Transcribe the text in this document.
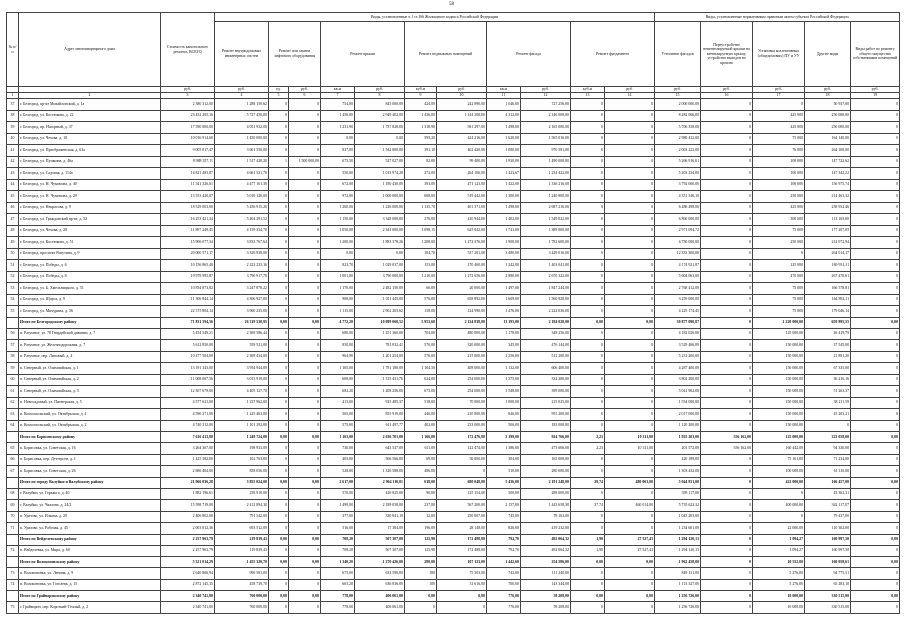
58
№ п/п	Адрес многоквартирного дома	Стоимость капитального ремонта, ВСЕГО	Виды, установленные ч.1 ст.166 Жилищного кодекса Российской Федерации											Виды, установленные нормативным правовым актом субъекта Российской Федерации				
			Ремонт внутридомовых инженерных систем	Ремонт или замена лифтового оборудования		Ремонт крыши		Ремонт подвальных помещений		Ремонт фасада		Ремонт фундамента		Утепление фасадов	Переустройство невентилируемой крыши на вентилируемую крышу, устройство выходов на кровлю	Установка коллективных (общедомовых) ПУ и УУ	Другие виды	Виды работ по ремонту общего имущества собственников помещений

		руб.	руб.	ед.	руб.	кв.м	руб.	куб.м	руб.	кв.м	руб.	куб.м	руб.	руб.	руб.	руб.	руб.	руб.
1	2	3	4	5	6	7	8	9	10	11	12	13	14	15	16	17	18	19
37	г. Белгород, пр-кт Михайловский, д. 1а	2 380 312,00	1 288 150,62	0	0	754,00	845 000,00	424,00	242 890,00	1 046,00	727 256,00	0	0	2 000 000,00	0	0	50 937,00	0
38	г. Белгород, ул. Костюкова, д. 22	23 452 205,16	5 727 450,00	0	0	1 456,00	2 949 402,00	1 436,00	1 144 308,00	4 312,00	2 146 000,00	0	0	8 282 066,00	0	425 000	250 000,00	0
39	г. Белгород, пр. Нагорный, д. 37	17 590 000,00	4 051 932,00	0	0	1 231,90	1 737 820,00	1 318,90	581 297,00	1 498,00	2 165 000,00	0	0	5 706 358,00	0	425 000	250 000,00	0
40	г. Белгород, ул. Чехова, д. 10	10 016 914,60	1 450 000,00	0	0	0,00	0,00	595,20	424 216,00	1 620,00	1 565 016,00	0	0	2 980 412,00	0	75 000	164 140,00	0
41	г. Белгород, ул. Преображенская, д. 63а	9 005 017,47	3 601 550,00	0	0	837,00	1 542 800,00	391,10	402 420,00	1 080,00	970 581,00	0	0	2 003 222,00	0	76 000	264 100,00	0
42	г. Белгород, ул. Пушкина, д. 46а	8 988 357,11	1 517 420,20	1	1 500 000,00	675,50	527 027,00	82,00	99 400,00	1 930,00	1 490 000,00	0	0	5 266 916,61	0	100 000	147 722,62	0
43	г. Белгород, ул. Садовая, д. 114а	14 821 483,87	4 661 521,70	0	0	550,00	1 015 974,28	272,00	264 106,00	1 423,67	1 234 422,00	0	0	5 203 234,00	0	100 000	147 342,22	0
44	г. Белгород, ул. Н. Чумичова, д. 40	11 541 326,61	4 477 101,30	0	0	672,00	1 180 430,00	393,00	471 123,00	1 422,00	1 336 216,00	0	0	3 792 000,00	0	100 000	156 975,74	0
45	г. Белгород, ул. Н. Чумичова, д. 29	13 553 420,07	5 010 120,00	0	0	972,00	1 000 000,00	608,00	519 442,00	1 300,00	1 240 800,00	0	0	4 351 546,10	0	250 000	214 463,32	0
46	г. Белгород, ул. Некрасова, д. 9	18 529 003,00	5 456 915,20	0	0	1 260,00	1 226 000,00	1 135,70	401 371,00	1 498,00	2 687 216,00	0	0	6 486 498,00	0	425 000	258 952,46	0
47	г. Белгород, ул. Гражданский пр-кт, д. 52	16 253 421,34	5 404 291,52	0	0	1 150,00	3 348 000,00	276,00	410 944,00	1 402,00	1 549 022,00	0	0	6 860 000,00	0	300 000	113 165,00	0
48	г. Белгород, ул. Чехова, д. 28	11 897 249,45	4 159 334,70	0	0	1 050,00	2 341 000,00	1 098,15	625 042,00	1 741,00	1 389 000,00	0	0	2 971 094,72	0	75 000	177 207,05	0
49	г. Белгород, ул. Костюкова, д. 51	15 906 077,34	3 833 767,64	0	0	1 200,00	1 883 378,26	1 208,00	1 272 376,00	1 900,00	1 782 600,00	0	0	4 750 000,00	0	250 000	214 072,94	0
50	г. Белгород, проспект Ватутина, д. 9	20 000 571,17	3 326 938,00	0	0	0,00	0,00	184,70	537 261,00	3 480,00	3 429 016,00	0	0	12 333 300,00	0	0	264 014,17	0
51	г. Белгород, ул. Победы, д. 6	10 156 865,40	2 223 233,16	0	0	823,70	1 029 037,00	153,00	170 460,00	1 242,00	1 403 041,00	0	0	4 174 921,87	0	125 000	169 931,11	0
52	г. Белгород, ул. Победы, д. 8	19 978 995,87	3 790 917,70	0	0	1 001,00	3 790 000,00	1 210,00	1 272 656,00	2 880,00	2 670 322,00	0	0	5 604 063,00	0	470 000	267 470,61	0
53	г. Белгород, ул. Б. Хмельницкого, д. 51	10 854 873,82	3 247 870,22	0	0	1 170,00	2 482 150,00	60,00	20 000,00	1 497,00	1 847 244,00	0	0	2 768 412,00	0	75 000	166 578,81	0
54	г. Белгород, ул. Щорса, д. 9	11 306 844,14	4 306 927,00	0	0	900,00	1 011 445,00	576,00	658 892,00	1 609,00	1 560 928,00	0	0	3 259 000,00	0	75 000	164 892,11	0
55	г. Белгород, ул. Мичурина, д. 56	22 575 804,14	3 960 235,00	0	0	1 115,00	2 902 203,62	158,00	124 990,00	1 476,00	2 222 036,00	0	0	4 225 174,45	0	75 000	179 046,14	0
	Итого по Белгородскому району	71 831 594,56	26 319 530,95	0,00	0,00	4 772,20	10 099 060,52	5 953,60	2 124 838,00	13 195,00	2 184 028,00	0,00	0,00	30 877 090,87	0	1 220 000,00	659 895,55	0,00
56	п. Разумное, ул. 78 Гвардейской дивизии, д. 7	5 454 549,21	2 369 586,44	0	0	680,00	1 251 360,00	704,00	480 000,00	1 178,00	348 256,00	0	0	4 182 026,00	0	125 000,00	26 419,79	0
57	п. Разумное, ул. Железнодорожная, д. 7	5 612 850,00	559 521,00	0	0	850,00	781 832,41	570,00	320 000,00	345,00	476 144,00	0	0	3 529 466,09	0	150 000,00	37 545,00	0
58	п. Разумное, пер. Липовый, д. 4	10 477 504,00	2 369 434,00	0	0	964,90	1 201 254,00	576,00	215 000,00	2 256,00	512 200,00	0	0	5 231 200,00	0	150 000,00	21 891,20	0
59	п. Северный, ул. Олимпийская, д. 1	13 191 343,00	3 954 944,00	0	0	1 165,00	1 781 180,00	1 104,50	408 000,00	3 132,00	606 400,00	0	0	4 287 400,00	0	150 000,00	67 335,00	0
60	п. Северный, ул. Олимпийская, д. 2	11 008 067,56	3 015 919,00	0	0	600,00	1 315 431,76	624,00	254 000,00	1 575,00	334 280,00	0	0	3 802 200,00	0	150 000,00	36 216,16	0
61	п. Северный, ул. Олимпийская, д. 3	12 307 679,00	4 405 127,70	0	0	682,20	1 208 256,00	675,00	254 000,00	1 548,00	399 000,00	0	0	5 041 902,00	0	150 000,00	51 263,37	0
62	п. Новосадовый, ул. Пионерская, д. 5	4 577 621,00	1 237 962,00	0	0	413,00	925 485,37	518,00	70 000,00	1 000,00	215 025,00	0	0	1 554 000,00	0	150 000,00	38 211,59	0
63	п. Комсомольский, ул. Октябрьская, д. 4	4 590 271,00	1 225 463,00	0	0	565,00	855 919,00	446,00	210 000,00	846,00	955 200,00	0	0	2 017 000,00	0	150 000,00	45 203,21	0
64	п. Комсомольский, ул. Октябрьская, д. 2	4 740 312,00	1 101 292,00	0	0	575,00	611 497,77	402,00	233 000,00	506,00	183 000,00	0	0	1 120 200,00	0	150 000,00	0	0
	Итого по Борисовскому району	7 616 413,00	1 249 724,00	0,00	0,00	1 163,00	2 636 701,00	1 166,00	172 476,00	2 199,00	924 766,00	2,23	10 311,00	1 925 203,00	556 162,00	125 000,00	323 058,00	0,00
65	п. Борисовка, ул. Советская, д. 16	3 264 367,00	198 933,00	0	0	730,00	643 537,00	611,00	122 474,00	1 386,00	473 606,00	2,23	10 311,00	201 572,00	556 162,00	160 442,00	94 330,00	0
66	п. Борисовка, пер. Деттерсен, д. 1	1 425 582,00	102 763,00	0	0	405,00	566 566,00	69,00	50 000,00	304,00	165 000,00	0	0	420 189,00	0	75 161,00	71 234,00	0
67	п. Борисовка, ул. Советская, д. 26	2 686 404,00	858 056,00	0	0	528,00	1 326 588,00	486,00	0	510,00	280 000,00	0	0	1 303 432,00	0	100 000,00	61 110,00	0
	Итого по городу Валуйки и Валуйскому району	21 966 036,28	3 855 024,00	0,00	0,00	2 617,00	2 964 110,01	618,00	680 048,00	5 436,00	2 191 248,00	29,74	480 063,00	5 044 831,00	0	422 000,00	166 457,00	0,00
68	г. Валуйки, ул. Горького, д. 40	1 882 196,61	258 910,00	0	0	570,00	426 825,00	90,00	125 154,00	500,00	288 000,00	0	0	395 117,00	0	0	45 362,31	0
69	г. Валуйки, ул. Чкалова, д. 24/2	15 598 719,00	2 412 894,30	0	0	1 499,00	2 189 058,00	237,00	567 200,00	2 157,00	1 443 658,38	37,74	460 014,00	5 735 622,32	0	400 000,00	342 117,07	0
70	п. Уразово, ул. Ильича, д. 29	2 406 802,00	791 542,00	0	0	377,00	330 841,19	12,00	250 007,00	745,00	78 163,00	0	0	1 045 203,00	0	0	79 437,00	0
71	п. Уразово, ул. Рабочая, д. 45	2 003 812,36	693 512,00	0	0	516,00	17 384,00	196,00	28 148,00	826,00	419 232,00	0	0	1 234 601,00	0	22 000,00	110 302,00	0
	Итого по Вейделевскому району	2 257 963,79	219 839,43	0,00	0,00	708,20	507 307,00	125,90	172 488,00	792,70	492 064,32	1,90	27 527,43	1 294 120,13	0	1 094,27	160 997,50	0,00
72	п. Вейделевка, ул. Мира, д. 60	2 257 963,79	119 839,43	0	0	708,20	507 307,00	125,90	172 488,00	792,70	492 064,32	1,90	27 527,43	1 294 120,13	0	1 094,27	160 997,50	0
	Итого по Волоконовскому району	5 521 014,29	1 455 320,70	0,00	0,00	1 340,20	1 270 426,00	280,00	107 123,00	1 442,60	254 586,00	0,00	0,00	1 962 458,00	0	10 552,00	160 058,61	0,00
73	п. Волоконовка, ул. Ленина, д. 9	2 640 866,94	996 581,00	0	0	675,00	633 590,00	180	75 503,00	742,00	111 240,00	0	0	849 131,00	0	5 276,00	94 775,51	0
74	п. Волоконовка, ул. Гоголева, д. 15	2 872 145,35	458 739,70	0	0	665,20	636 836,00	100	31 616,00	700,00	143 344,00	0	0	1 113 327,00	0	5 276,00	65 283,10	0
	Итого по Грайворонскому району	2 340 741,00	760 000,00	0,00	0,00	778,00	406 061,00	0,00	0,00	776,00	59 208,00	0,00	0,00	1 256 726,00	0	10 000,00	330 515,00	0,00
75	г. Грайворон, пер. Короткий-Тёплый, д. 2	2 340 741,00	760 000,00	0	0	778,00	406 061,00	0	0	776,00	59 208,00	0	0	1 256 726,00	0	10 000,00	330 515,00	0
